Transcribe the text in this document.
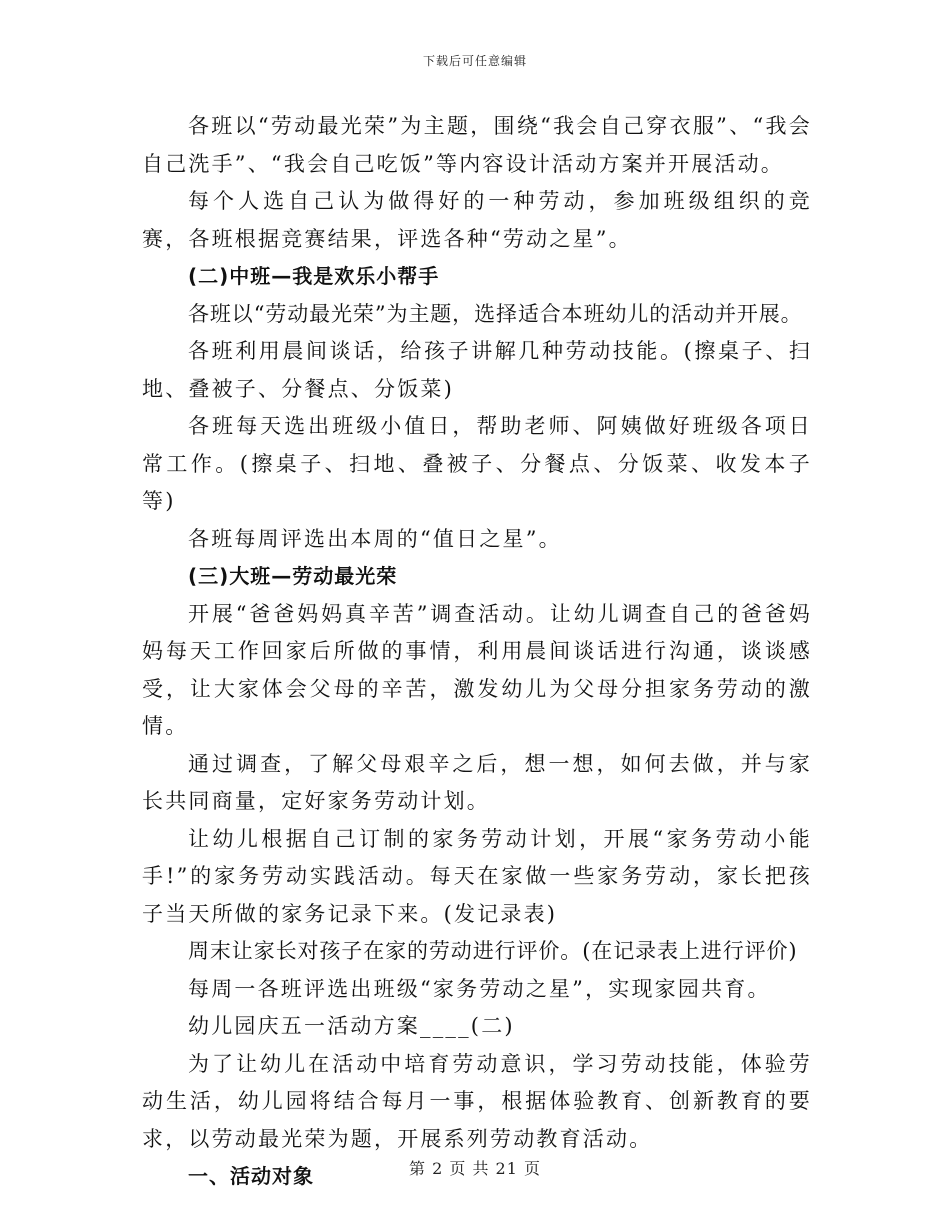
下载后可任意编辑

各班以“劳动最光荣”为主题，围绕“我会自己穿衣服”、“我会自己洗手”、“我会自己吃饭”等内容设计活动方案并开展活动。

每个人选自己认为做得好的一种劳动，参加班级组织的竞赛，各班根据竞赛结果，评选各种“劳动之星”。

(二)中班—我是欢乐小帮手

各班以“劳动最光荣”为主题，选择适合本班幼儿的活动并开展。

各班利用晨间谈话，给孩子讲解几种劳动技能。(擦桌子、扫地、叠被子、分餐点、分饭菜)

各班每天选出班级小值日，帮助老师、阿姨做好班级各项日常工作。(擦桌子、扫地、叠被子、分餐点、分饭菜、收发本子等)

各班每周评选出本周的“值日之星”。

(三)大班—劳动最光荣

开展“爸爸妈妈真辛苦”调查活动。让幼儿调查自己的爸爸妈妈每天工作回家后所做的事情，利用晨间谈话进行沟通，谈谈感受，让大家体会父母的辛苦，激发幼儿为父母分担家务劳动的激情。

通过调查，了解父母艰辛之后，想一想，如何去做，并与家长共同商量，定好家务劳动计划。

让幼儿根据自己订制的家务劳动计划，开展“家务劳动小能手!”的家务劳动实践活动。每天在家做一些家务劳动，家长把孩子当天所做的家务记录下来。(发记录表)

周末让家长对孩子在家的劳动进行评价。(在记录表上进行评价)

每周一各班评选出班级“家务劳动之星”，实现家园共育。

幼儿园庆五一活动方案____(二)

为了让幼儿在活动中培育劳动意识，学习劳动技能，体验劳动生活，幼儿园将结合每月一事，根据体验教育、创新教育的要求，以劳动最光荣为题，开展系列劳动教育活动。

一、活动对象	第 2 页 共 21 页
